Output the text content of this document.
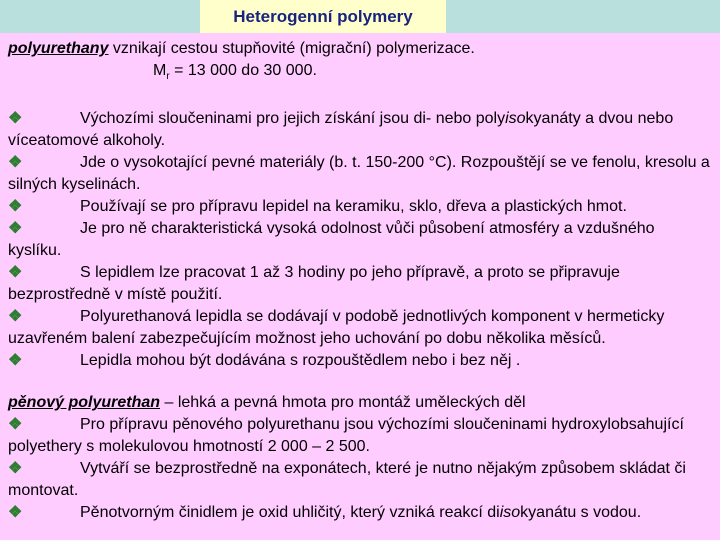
Heterogenní polymery

polyurethany vznikají cestou stupňovité (migrační) polymerizace.

$M_r = 13$ 000 do 30 000.

❖	Výchozími sloučeninami pro jejich získání jsou di- nebo polyisokyanáty a dvou nebo víceatomové alkoholy.

❖	Jde o vysokotající pevné materiály (b. t. 150-200 °C). Rozpouštějí se ve fenolu, kresolu a silných kyselinách.

❖	Používají se pro přípravu lepidel na keramiku, sklo, dřeva a plastických hmot.

❖	Je pro ně charakteristická vysoká odolnost vůči působení atmosféry a vzdušného kyslíku.

❖	S lepidlem lze pracovat 1 až 3 hodiny po jeho přípravě, a proto se připravuje bezprostředně v místě použití.

❖	Polyurethanová lepidla se dodávají v podobě jednotlivých komponent v hermeticky uzavřeném balení zabezpečujícím možnost jeho uchování po dobu několika měsíců.

❖	Lepidla mohou být dodávána s rozpouštědlem nebo i bez něj .

pěnový polyurethan – lehká a pevná hmota pro montáž uměleckých děl

❖	Pro přípravu pěnového polyurethanu jsou výchozími sloučeninami hydroxylobsahující polyethery s molekulovou hmotností 2 000 – 2 500.

❖	Vytváří se bezprostředně na exponátech, které je nutno nějakým způsobem skládat či montovat.

❖	Pěnotvorným činidlem je oxid uhličitý, který vzniká reakcí diisokyanátu s vodou.
